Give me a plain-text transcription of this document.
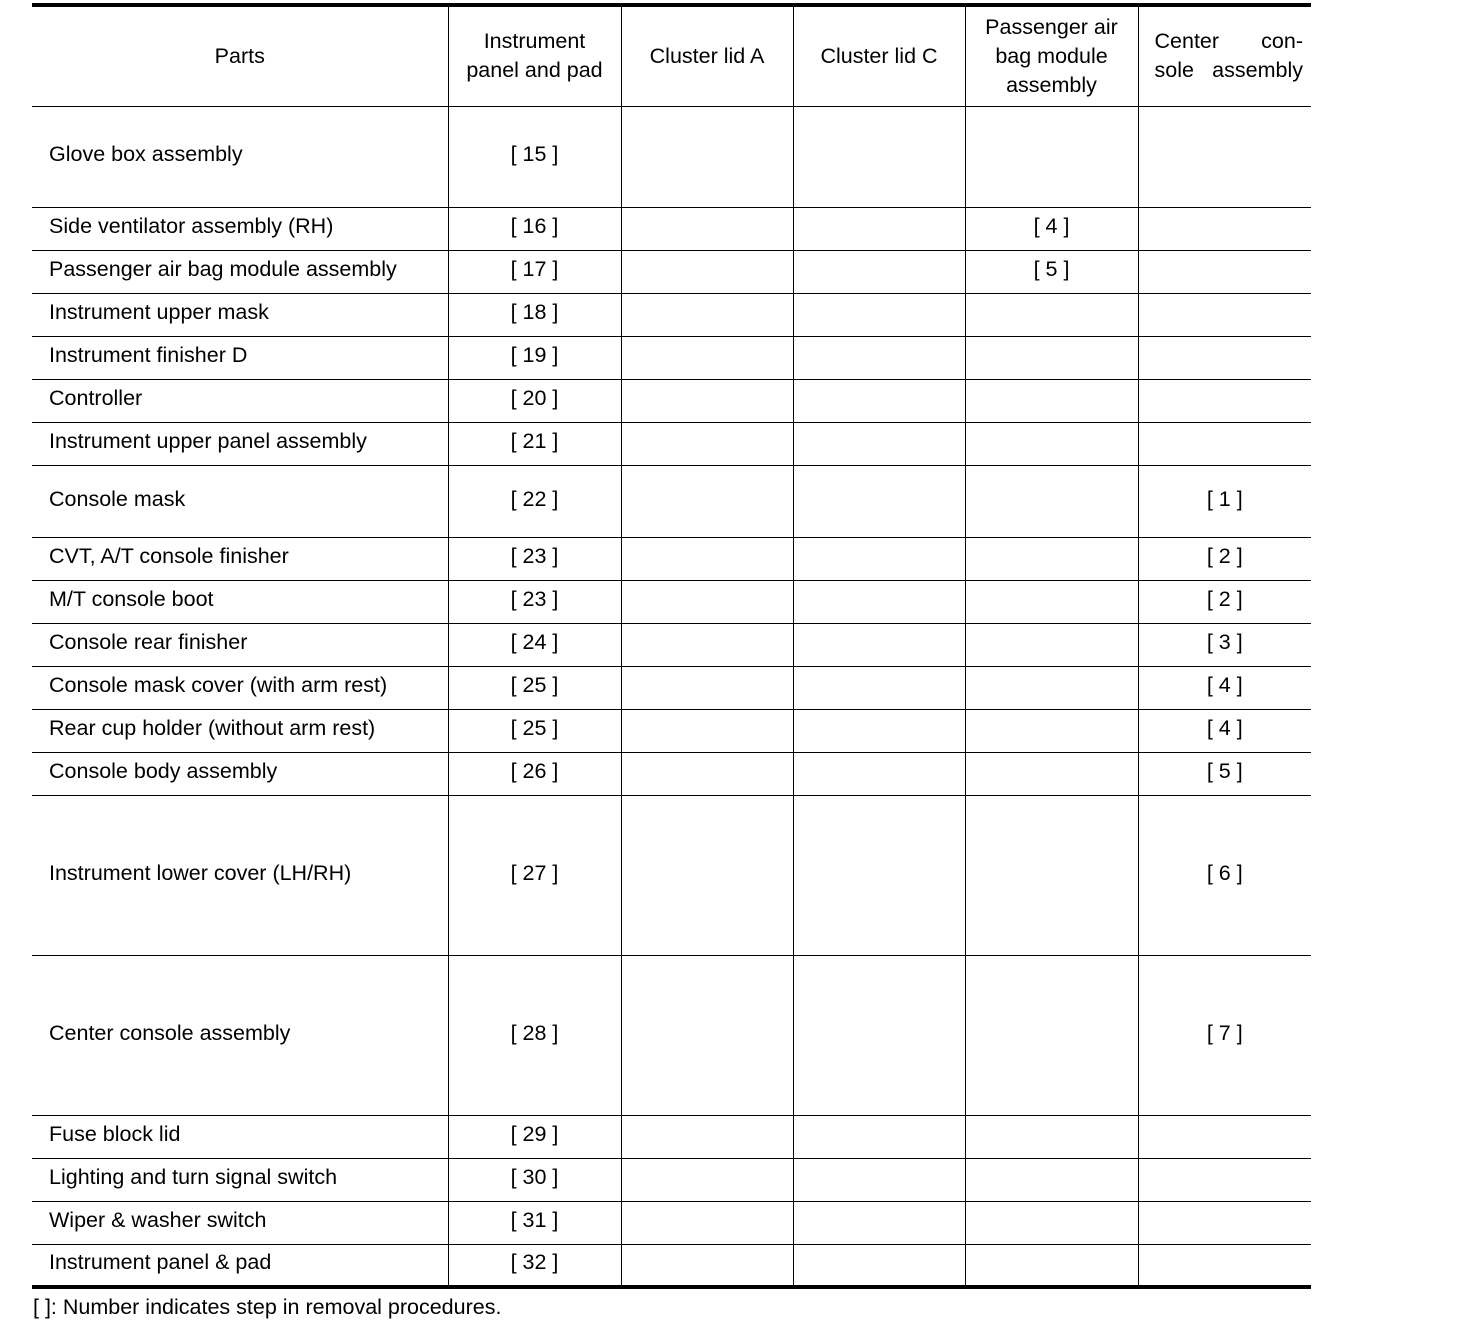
Parts	Instrument panel and pad	Cluster lid A	Cluster lid C	Passenger air bag module assembly	Center con-sole assembly
Glove box assembly	[ 15 ]				
Side ventilator assembly (RH)	[ 16 ]			[ 4 ]	
Passenger air bag module assembly	[ 17 ]			[ 5 ]	
Instrument upper mask	[ 18 ]				
Instrument finisher D	[ 19 ]				
Controller	[ 20 ]				
Instrument upper panel assembly	[ 21 ]				
Console mask	[ 22 ]				[ 1 ]
CVT, A/T console finisher	[ 23 ]				[ 2 ]
M/T console boot	[ 23 ]				[ 2 ]
Console rear finisher	[ 24 ]				[ 3 ]
Console mask cover (with arm rest)	[ 25 ]				[ 4 ]
Rear cup holder (without arm rest)	[ 25 ]				[ 4 ]
Console body assembly	[ 26 ]				[ 5 ]
Instrument lower cover (LH/RH)	[ 27 ]				[ 6 ]
Center console assembly	[ 28 ]				[ 7 ]
Fuse block lid	[ 29 ]				
Lighting and turn signal switch	[ 30 ]				
Wiper & washer switch	[ 31 ]				
Instrument panel & pad	[ 32 ]				
[ ]: Number indicates step in removal procedures.
